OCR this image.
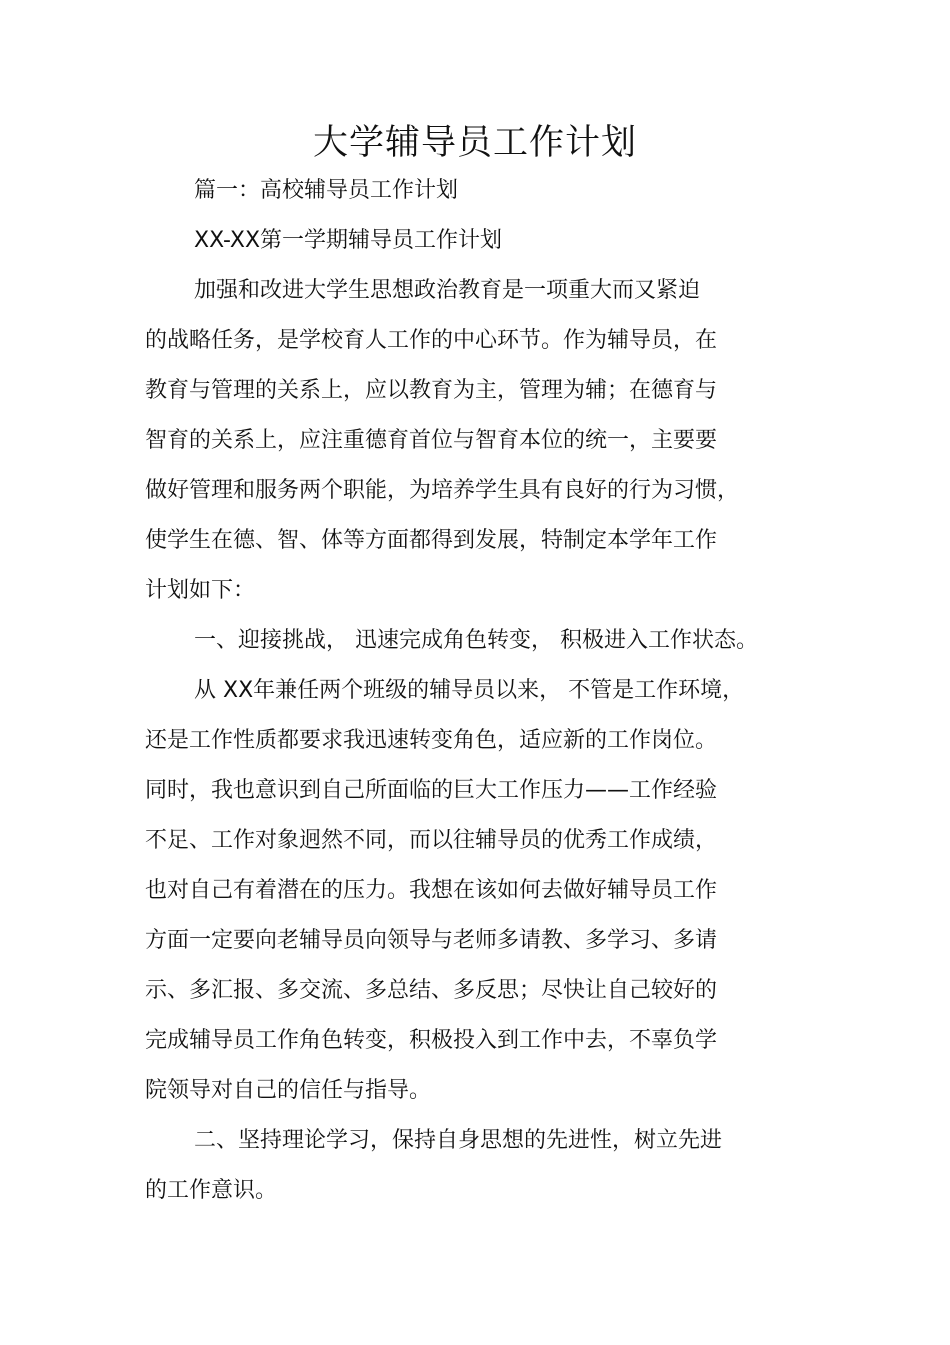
大学辅导员工作计划
篇一：高校辅导员工作计划
XX-XX第一学期辅导员工作计划
加强和改进大学生思想政治教育是一项重大而又紧迫
的战略任务，是学校育人工作的中心环节。作为辅导员，在
教育与管理的关系上，应以教育为主，管理为辅；在德育与
智育的关系上，应注重德育首位与智育本位的统一，主要要
做好管理和服务两个职能，为培养学生具有良好的行为习惯，
使学生在德、智、体等方面都得到发展，特制定本学年工作
计划如下：
一、迎接挑战， 迅速完成角色转变， 积极进入工作状态。
从 XX年兼任两个班级的辅导员以来， 不管是工作环境，
还是工作性质都要求我迅速转变角色，适应新的工作岗位。
同时，我也意识到自己所面临的巨大工作压力——工作经验
不足、工作对象迥然不同，而以往辅导员的优秀工作成绩，
也对自己有着潜在的压力。我想在该如何去做好辅导员工作
方面一定要向老辅导员向领导与老师多请教、多学习、多请
示、多汇报、多交流、多总结、多反思；尽快让自己较好的
完成辅导员工作角色转变，积极投入到工作中去，不辜负学
院领导对自己的信任与指导。
二、坚持理论学习，保持自身思想的先进性，树立先进
的工作意识。
